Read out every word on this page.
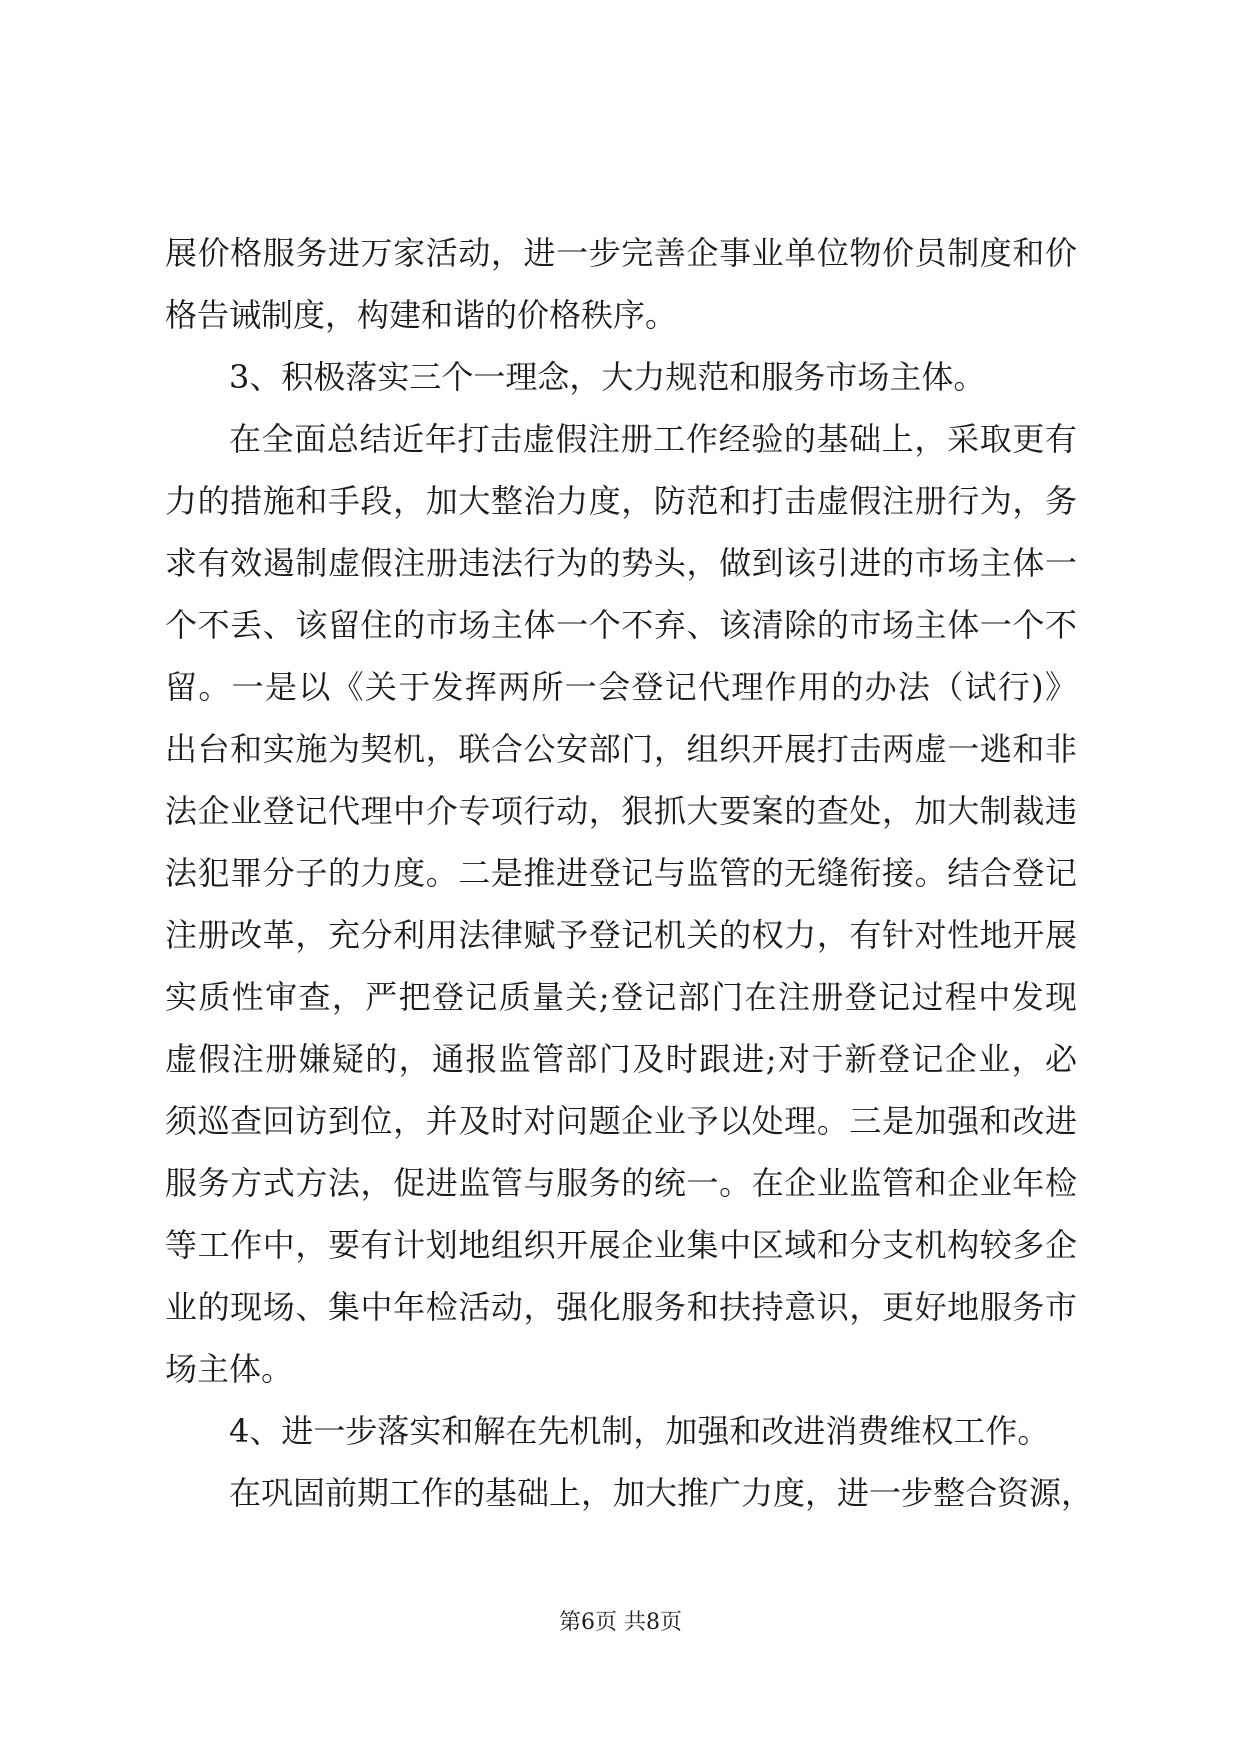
展价格服务进万家活动，进一步完善企事业单位物价员制度和价
格告诫制度，构建和谐的价格秩序。
3、积极落实三个一理念，大力规范和服务市场主体。
在全面总结近年打击虚假注册工作经验的基础上，采取更有
力的措施和手段，加大整治力度，防范和打击虚假注册行为，务
求有效遏制虚假注册违法行为的势头，做到该引进的市场主体一
个不丢、该留住的市场主体一个不弃、该清除的市场主体一个不
留。一是以《关于发挥两所一会登记代理作用的办法（试行)》
出台和实施为契机，联合公安部门，组织开展打击两虚一逃和非
法企业登记代理中介专项行动，狠抓大要案的查处，加大制裁违
法犯罪分子的力度。二是推进登记与监管的无缝衔接。结合登记
注册改革，充分利用法律赋予登记机关的权力，有针对性地开展
实质性审查，严把登记质量关;登记部门在注册登记过程中发现
虚假注册嫌疑的，通报监管部门及时跟进;对于新登记企业，必
须巡查回访到位，并及时对问题企业予以处理。三是加强和改进
服务方式方法，促进监管与服务的统一。在企业监管和企业年检
等工作中，要有计划地组织开展企业集中区域和分支机构较多企
业的现场、集中年检活动，强化服务和扶持意识，更好地服务市
场主体。
4、进一步落实和解在先机制，加强和改进消费维权工作。
在巩固前期工作的基础上，加大推广力度，进一步整合资源，
第6页 共8页
